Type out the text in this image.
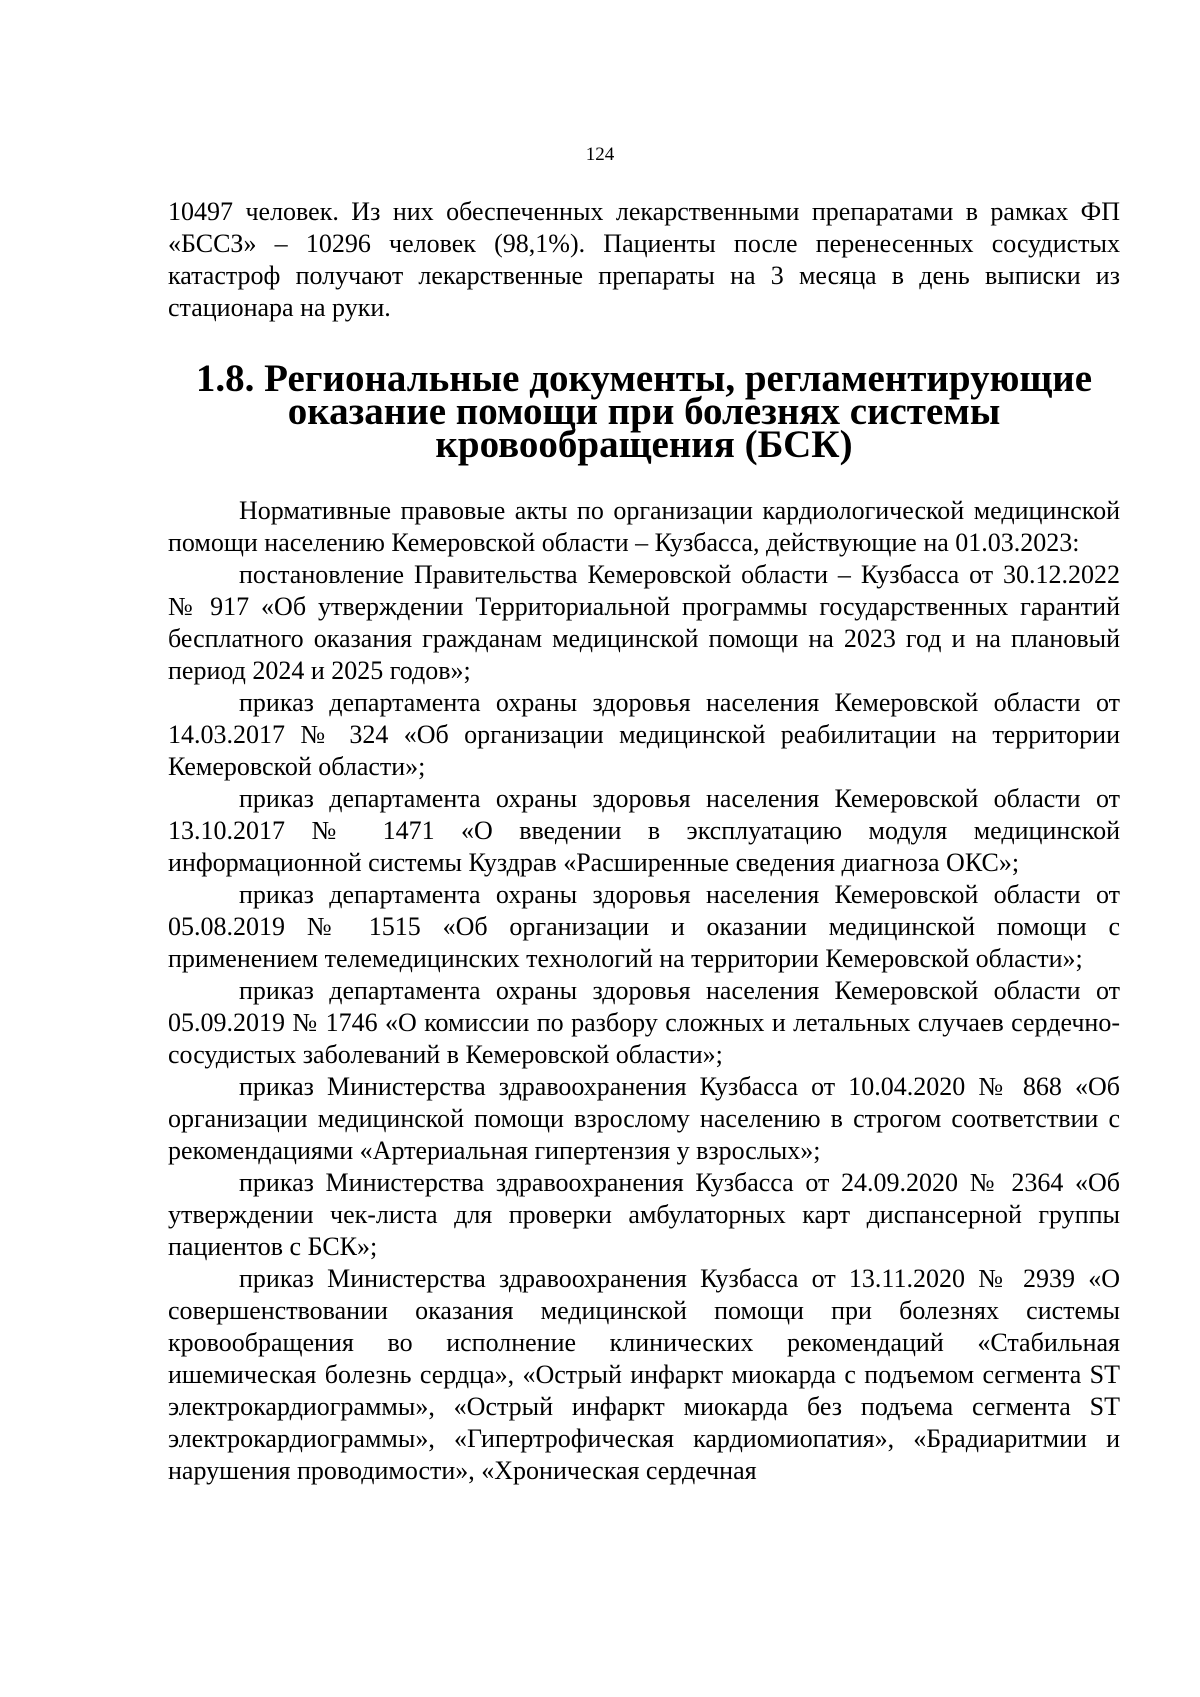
124

10497 человек. Из них обеспеченных лекарственными препаратами в рамках ФП «БССЗ» – 10296 человек (98,1%). Пациенты после перенесенных сосудистых катастроф получают лекарственные препараты на 3 месяца в день выписки из стационара на руки.

1.8. Региональные документы, регламентирующие оказание помощи при болезнях системы кровообращения (БСК)

Нормативные правовые акты по организации кардиологической медицинской помощи населению Кемеровской области – Кузбасса, действующие на 01.03.2023:

постановление Правительства Кемеровской области – Кузбасса от 30.12.2022 № 917 «Об утверждении Территориальной программы государственных гарантий бесплатного оказания гражданам медицинской помощи на 2023 год и на плановый период 2024 и 2025 годов»;

приказ департамента охраны здоровья населения Кемеровской области от 14.03.2017 № 324 «Об организации медицинской реабилитации на территории Кемеровской области»;

приказ департамента охраны здоровья населения Кемеровской области от 13.10.2017 № 1471 «О введении в эксплуатацию модуля медицинской информационной системы Куздрав «Расширенные сведения диагноза ОКС»;

приказ департамента охраны здоровья населения Кемеровской области от 05.08.2019 № 1515 «Об организации и оказании медицинской помощи с применением телемедицинских технологий на территории Кемеровской области»;

приказ департамента охраны здоровья населения Кемеровской области от 05.09.2019 № 1746 «О комиссии по разбору сложных и летальных случаев сердечно-сосудистых заболеваний в Кемеровской области»;

приказ Министерства здравоохранения Кузбасса от 10.04.2020 № 868 «Об организации медицинской помощи взрослому населению в строгом соответствии с рекомендациями «Артериальная гипертензия у взрослых»;

приказ Министерства здравоохранения Кузбасса от 24.09.2020 № 2364 «Об утверждении чек-листа для проверки амбулаторных карт диспансерной группы пациентов с БСК»;

приказ Министерства здравоохранения Кузбасса от 13.11.2020 № 2939 «О совершенствовании оказания медицинской помощи при болезнях системы кровообращения во исполнение клинических рекомендаций «Стабильная ишемическая болезнь сердца», «Острый инфаркт миокарда с подъемом сегмента ST электрокардиограммы», «Острый инфаркт миокарда без подъема сегмента ST электрокардиограммы», «Гипертрофическая кардиомиопатия», «Брадиаритмии и нарушения проводимости», «Хроническая сердечная
